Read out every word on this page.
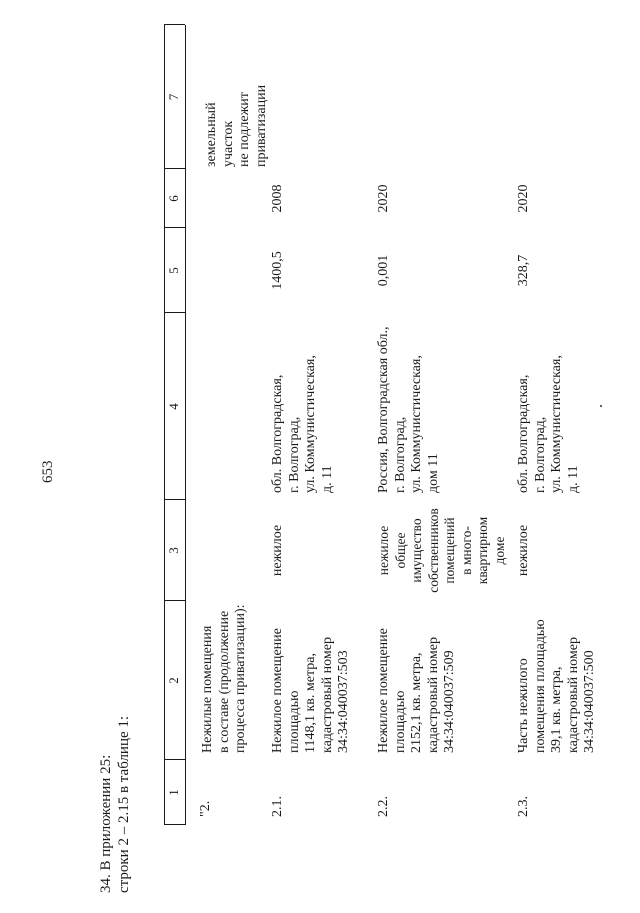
653
34. В приложении 25: строки 2 – 2.15 в таблице 1:	1
2
3
4
5
6
7
"2.
Нежилые помещения
в составе (продолжение
процесса приватизации):
земельный
участок
не подлежит
приватизации
2.1.
Нежилое помещение
площадью
1148,1 кв. метра,
кадастровый номер
34:34:040037:503
нежилое
обл. Волгоградская,
г. Волгоград,
ул. Коммунистическая,
д. 11
1400,5
2008
2.2.
Нежилое помещение
площадью
2152,1 кв. метра,
кадастровый номер
34:34:040037:509
нежилое
общее
имущество
собственников
помещений
в много-
квартирном
доме
Россия, Волгоградская обл.,
г. Волгоград,
ул. Коммунистическая,
дом 11
0,001
2020
2.3.
Часть нежилого
помещения площадью
39,1 кв. метра,
кадастровый номер
34:34:040037:500
нежилое
обл. Волгоградская,
г. Волгоград,
ул. Коммунистическая,
д. 11
328,7
2020
